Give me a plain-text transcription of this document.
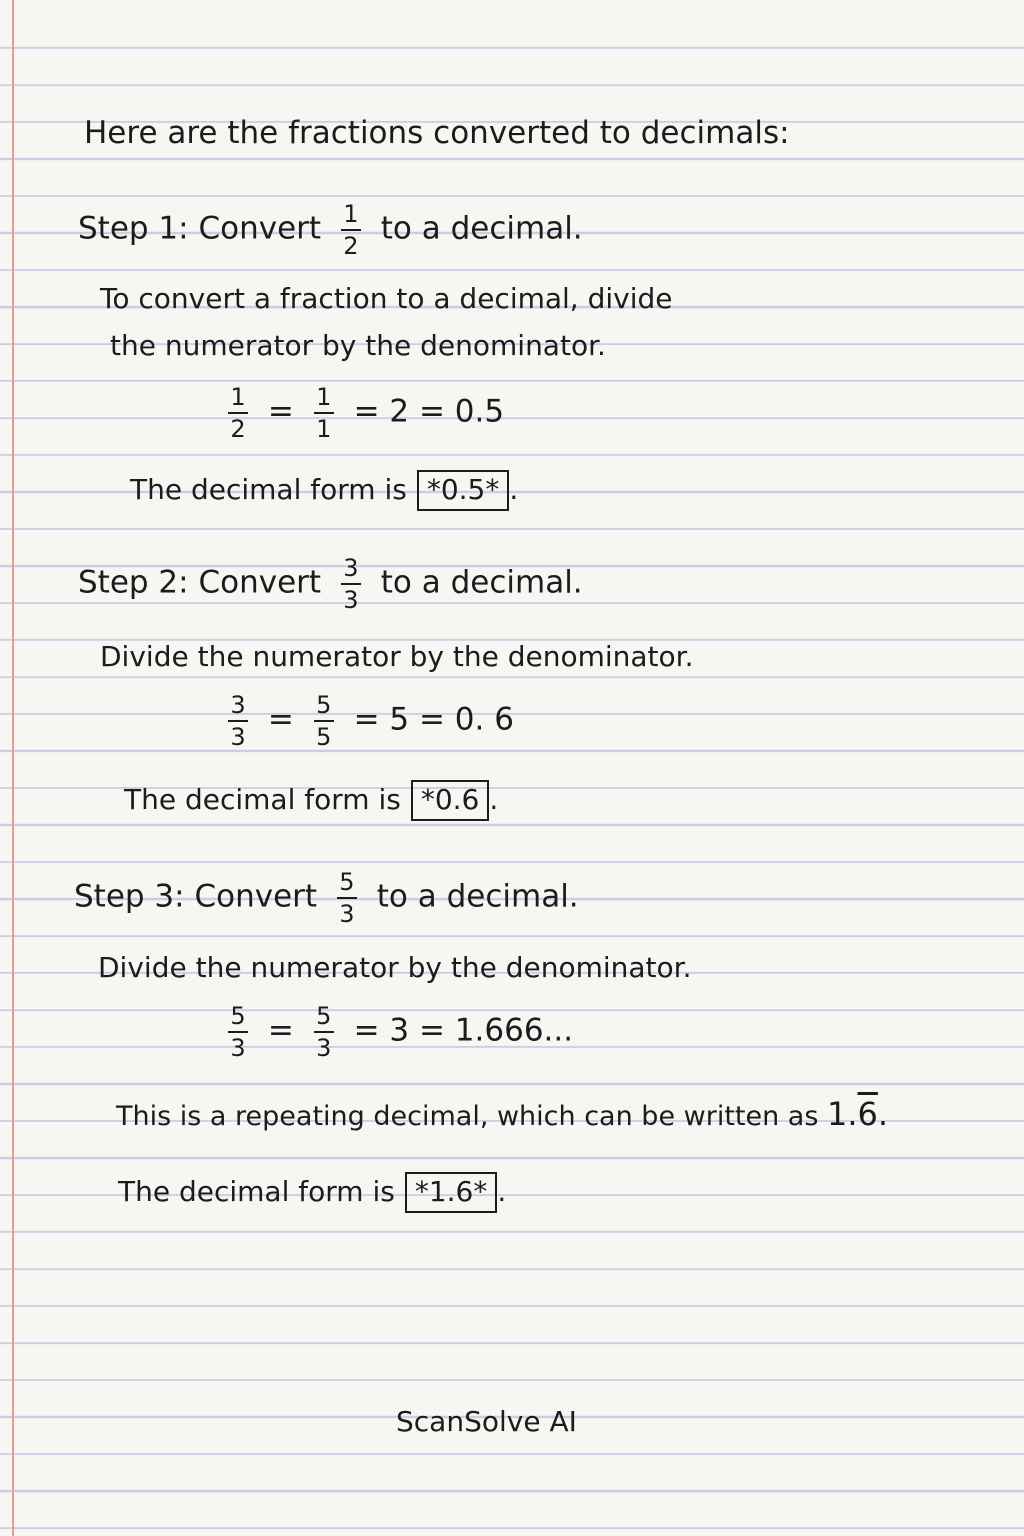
Here are the fractions converted to decimals:
Step 1: Convert $\frac{1}{2}$ to a decimal.
To convert a fraction to a decimal, divide
the numerator by the denominator.
$\frac{1}{2} = \frac{1}{1} = 2 = 0.5$
The decimal form is *0.5* .
Step 2: Convert $\frac{3}{3}$ to a decimal.
Divide the numerator by the denominator.
$\frac{3}{3} = \frac{5}{5} = 5 = 0$. 6
The decimal form is *0.6 .
Step 3: Convert $\frac{5}{3}$ to a decimal.
Divide the numerator by the denominator.
$\frac{5}{3} = \frac{5}{3} = 3 = 1.666$...
This is a repeating decimal, which can be written as 1.6.
The decimal form is *1.6* .
ScanSolve AI
